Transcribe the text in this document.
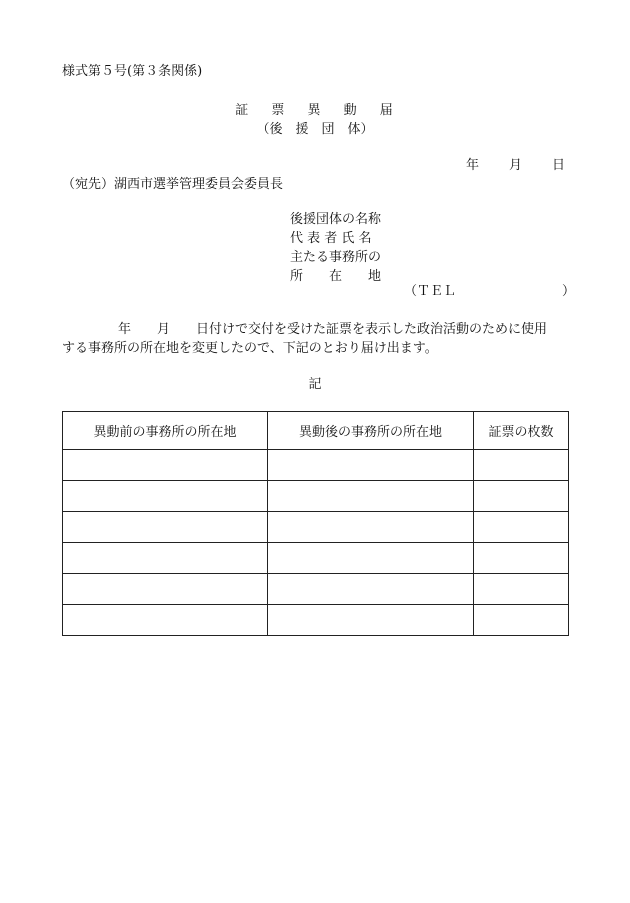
様式第５号(第３条関係)
証　 票　 異 　動　 届
（後　援　団　体）
年 月 日
（宛先）湖西市選挙管理委員会委員長
後援団体の名称
代 表 者 氏 名
主たる事務所の
所　　在　　地
（ＴＥＬ	）
年　　月　　日付けで交付を受けた証票を表示した政治活動のために使用
する事務所の所在地を変更したので、下記のとおり届け出ます。
記
異動前の事務所の所在地	異動後の事務所の所在地	証票の枚数
